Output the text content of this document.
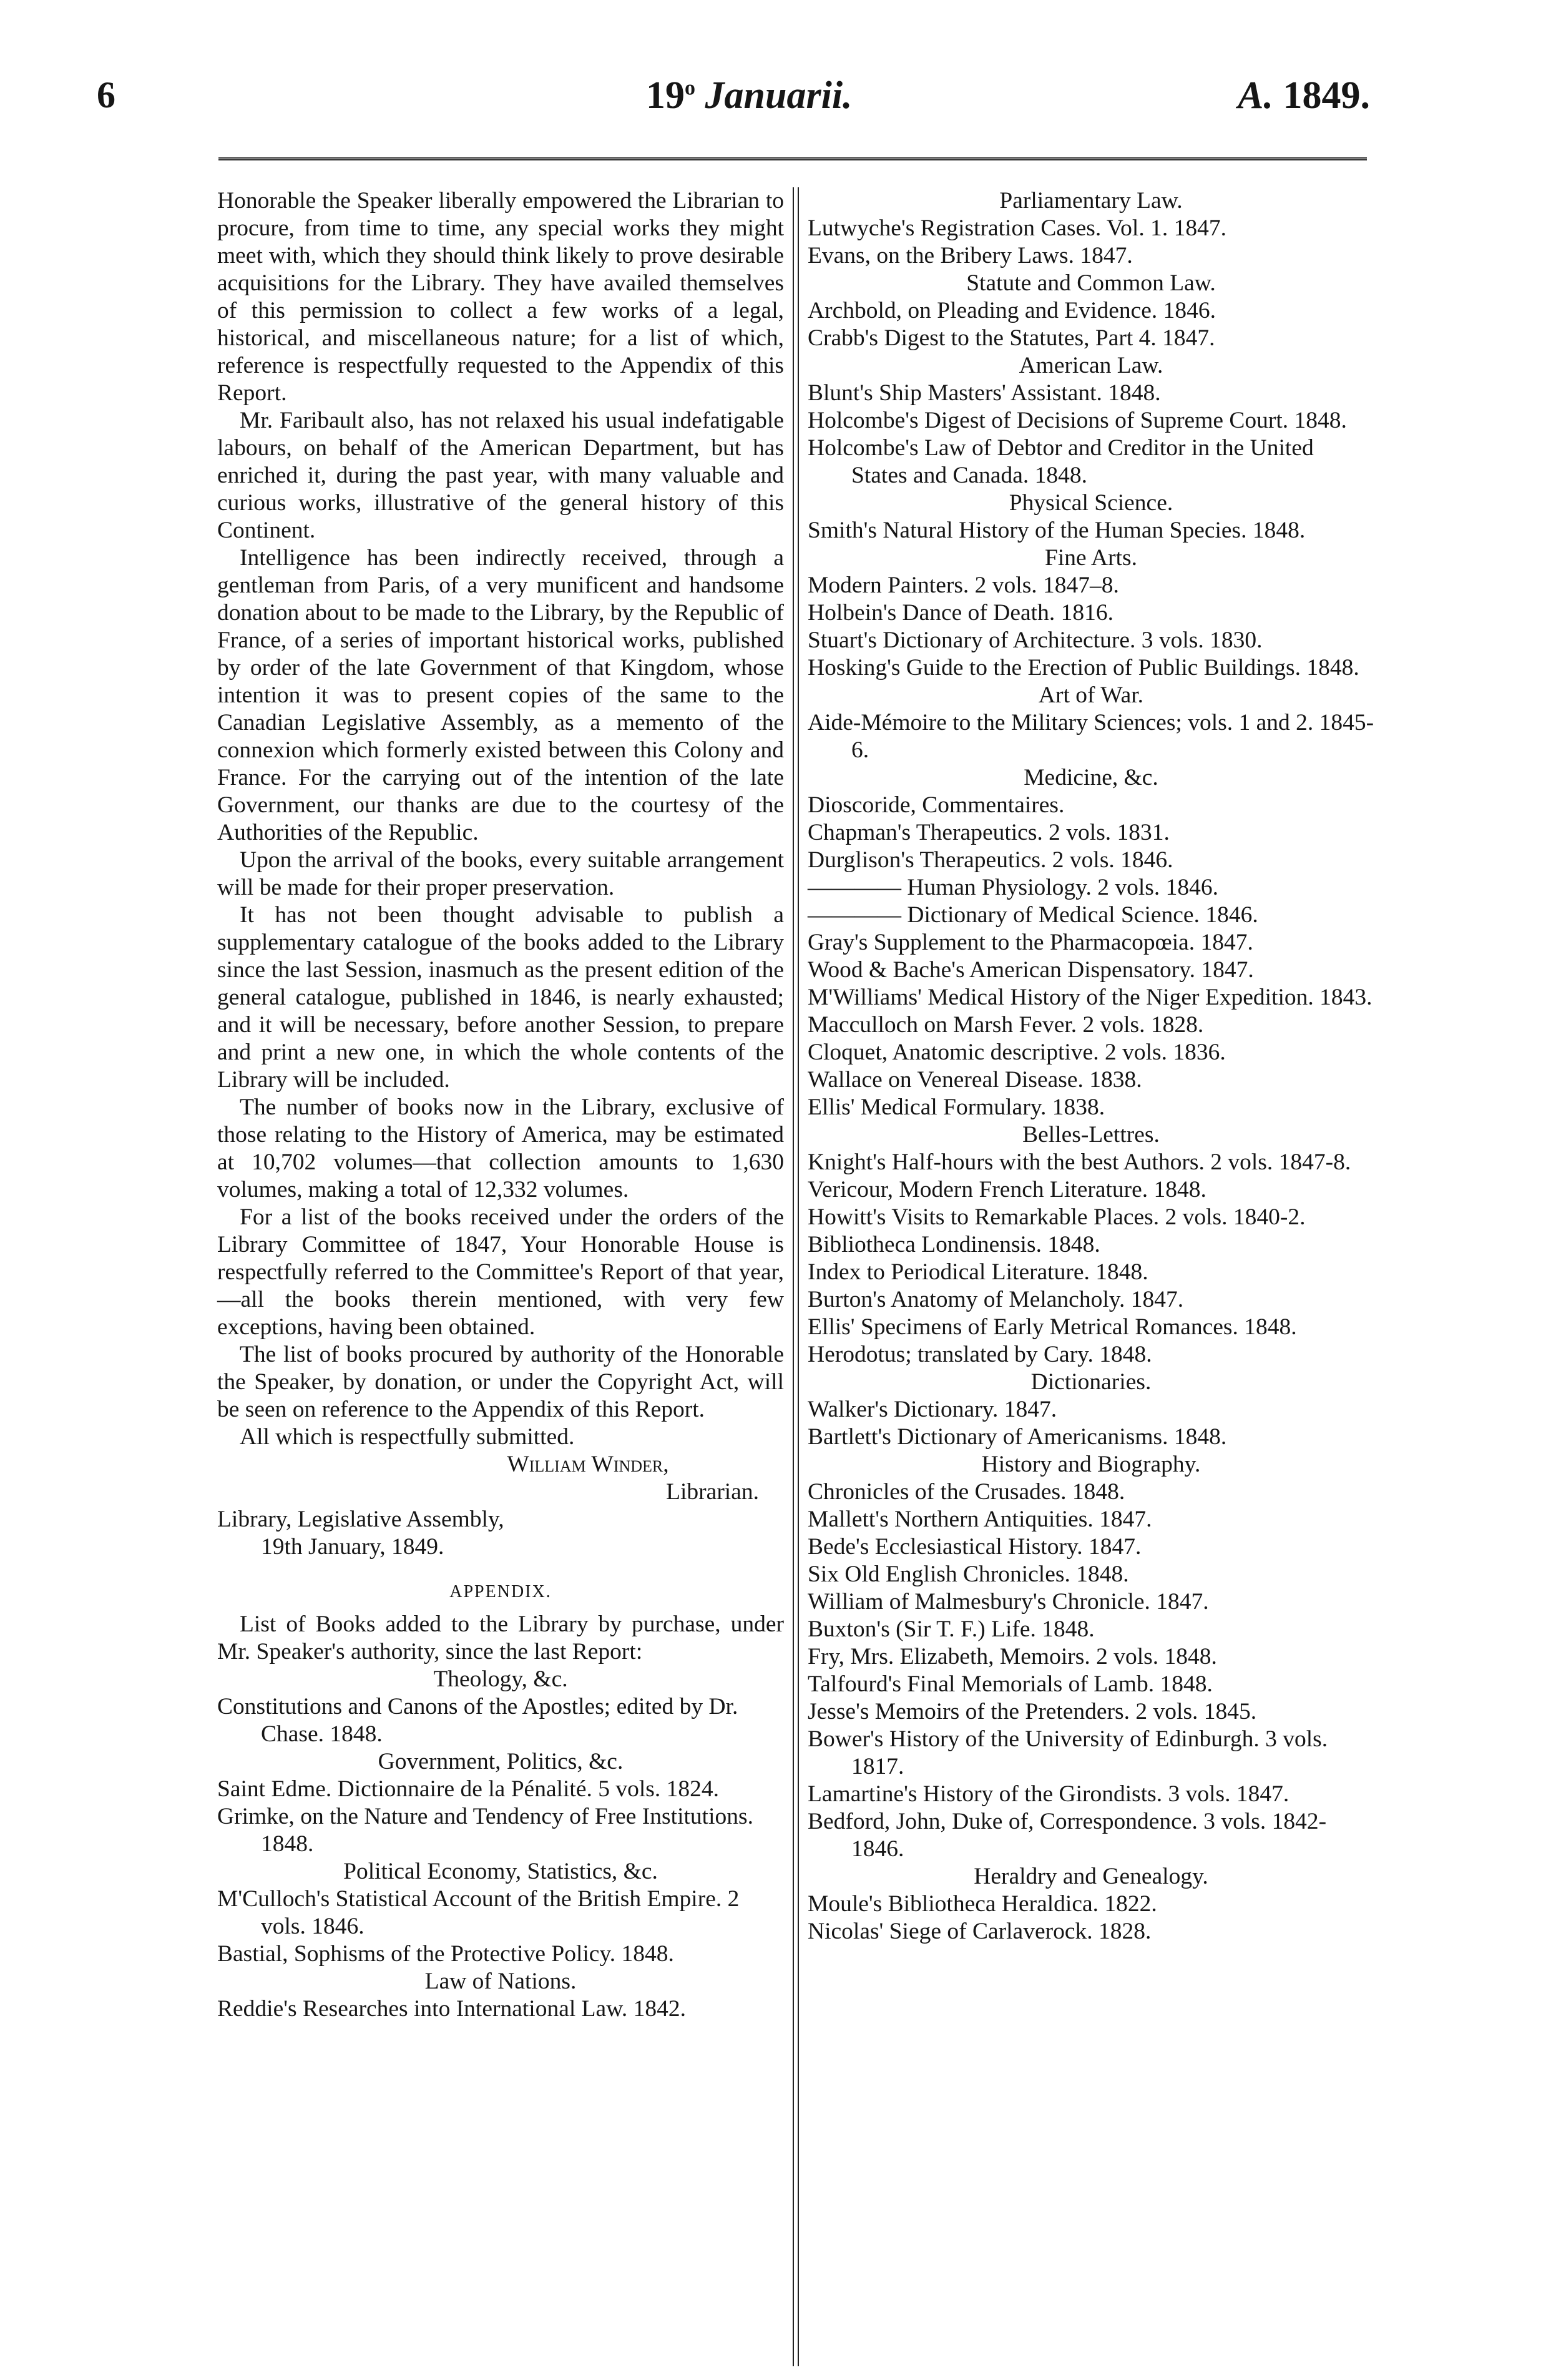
6	19$^o$ Januarii.	A. 1849.

Honorable the Speaker liberally empowered the Librarian to procure, from time to time, any special works they might meet with, which they should think likely to prove desirable acquisitions for the Library. They have availed themselves of this permission to collect a few works of a legal, historical, and miscellaneous nature; for a list of which, reference is respectfully requested to the Appendix of this Report.

Mr. Faribault also, has not relaxed his usual indefatigable labours, on behalf of the American Department, but has enriched it, during the past year, with many valuable and curious works, illustrative of the general history of this Continent.

Intelligence has been indirectly received, through a gentleman from Paris, of a very munificent and handsome donation about to be made to the Library, by the Republic of France, of a series of important historical works, published by order of the late Government of that Kingdom, whose intention it was to present copies of the same to the Canadian Legislative Assembly, as a memento of the connexion which formerly existed between this Colony and France. For the carrying out of the intention of the late Government, our thanks are due to the courtesy of the Authorities of the Republic.

Upon the arrival of the books, every suitable arrangement will be made for their proper preservation.

It has not been thought advisable to publish a supplementary catalogue of the books added to the Library since the last Session, inasmuch as the present edition of the general catalogue, published in 1846, is nearly exhausted; and it will be necessary, before another Session, to prepare and print a new one, in which the whole contents of the Library will be included.

The number of books now in the Library, exclusive of those relating to the History of America, may be estimated at 10,702 volumes—that collection amounts to 1,630 volumes, making a total of 12,332 volumes.

For a list of the books received under the orders of the Library Committee of 1847, Your Honorable House is respectfully referred to the Committee's Report of that year,—all the books therein mentioned, with very few exceptions, having been obtained.

The list of books procured by authority of the Honorable the Speaker, by donation, or under the Copyright Act, will be seen on reference to the Appendix of this Report.

All which is respectfully submitted.

William Winder,

Librarian.

Library, Legislative Assembly,

19th January, 1849.

APPENDIX.

List of Books added to the Library by purchase, under Mr. Speaker's authority, since the last Report:

Theology, &c.

Constitutions and Canons of the Apostles; edited by Dr. Chase. 1848.

Government, Politics, &c.

Saint Edme. Dictionnaire de la Pénalité. 5 vols. 1824.

Grimke, on the Nature and Tendency of Free Institutions. 1848.

Political Economy, Statistics, &c.

M'Culloch's Statistical Account of the British Empire. 2 vols. 1846.

Bastial, Sophisms of the Protective Policy. 1848.

Law of Nations.

Reddie's Researches into International Law. 1842.

Parliamentary Law.

Lutwyche's Registration Cases. Vol. 1. 1847.

Evans, on the Bribery Laws. 1847.

Statute and Common Law.

Archbold, on Pleading and Evidence. 1846.

Crabb's Digest to the Statutes, Part 4. 1847.

American Law.

Blunt's Ship Masters' Assistant. 1848.

Holcombe's Digest of Decisions of Supreme Court. 1848.

Holcombe's Law of Debtor and Creditor in the United States and Canada. 1848.

Physical Science.

Smith's Natural History of the Human Species. 1848.

Fine Arts.

Modern Painters. 2 vols. 1847–8.

Holbein's Dance of Death. 1816.

Stuart's Dictionary of Architecture. 3 vols. 1830.

Hosking's Guide to the Erection of Public Buildings. 1848.

Art of War.

Aide-Mémoire to the Military Sciences; vols. 1 and 2. 1845-6.

Medicine, &c.

Dioscoride, Commentaires.

Chapman's Therapeutics. 2 vols. 1831.

Durglison's Therapeutics. 2 vols. 1846.

———— Human Physiology. 2 vols. 1846.

———— Dictionary of Medical Science. 1846.

Gray's Supplement to the Pharmacopœia. 1847.

Wood & Bache's American Dispensatory. 1847.

M'Williams' Medical History of the Niger Expedition. 1843.

Macculloch on Marsh Fever. 2 vols. 1828.

Cloquet, Anatomic descriptive. 2 vols. 1836.

Wallace on Venereal Disease. 1838.

Ellis' Medical Formulary. 1838.

Belles-Lettres.

Knight's Half-hours with the best Authors. 2 vols. 1847-8.

Vericour, Modern French Literature. 1848.

Howitt's Visits to Remarkable Places. 2 vols. 1840-2.

Bibliotheca Londinensis. 1848.

Index to Periodical Literature. 1848.

Burton's Anatomy of Melancholy. 1847.

Ellis' Specimens of Early Metrical Romances. 1848.

Herodotus; translated by Cary. 1848.

Dictionaries.

Walker's Dictionary. 1847.

Bartlett's Dictionary of Americanisms. 1848.

History and Biography.

Chronicles of the Crusades. 1848.

Mallett's Northern Antiquities. 1847.

Bede's Ecclesiastical History. 1847.

Six Old English Chronicles. 1848.

William of Malmesbury's Chronicle. 1847.

Buxton's (Sir T. F.) Life. 1848.

Fry, Mrs. Elizabeth, Memoirs. 2 vols. 1848.

Talfourd's Final Memorials of Lamb. 1848.

Jesse's Memoirs of the Pretenders. 2 vols. 1845.

Bower's History of the University of Edinburgh. 3 vols. 1817.

Lamartine's History of the Girondists. 3 vols. 1847.

Bedford, John, Duke of, Correspondence. 3 vols. 1842-1846.

Heraldry and Genealogy.

Moule's Bibliotheca Heraldica. 1822.

Nicolas' Siege of Carlaverock. 1828.
